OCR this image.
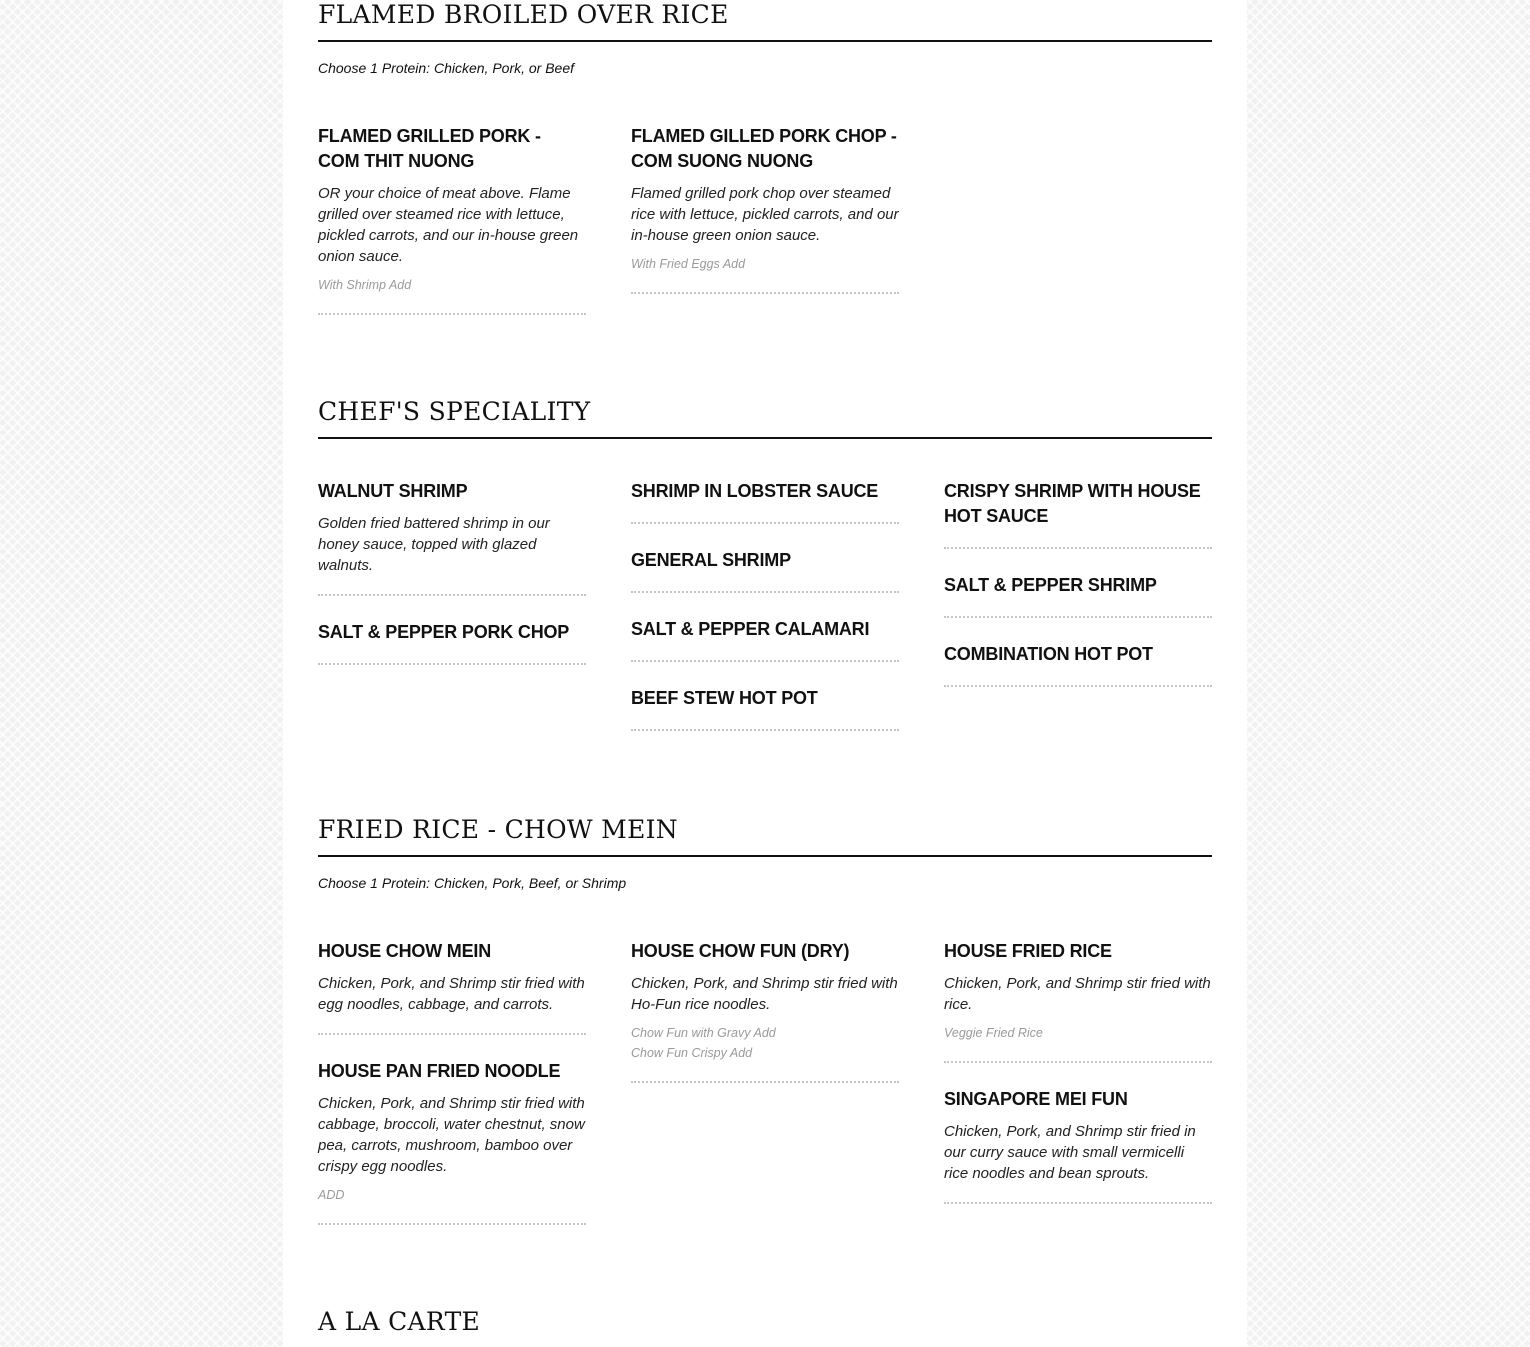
FLAMED BROILED OVER RICE
Choose 1 Protein: Chicken, Pork, or Beef
FLAMED GRILLED PORK - COM THIT NUONG
OR your choice of meat above. Flame grilled over steamed rice with lettuce, pickled carrots, and our in-house green onion sauce.
With Shrimp Add
FLAMED GILLED PORK CHOP - COM SUONG NUONG
Flamed grilled pork chop over steamed rice with lettuce, pickled carrots, and our in-house green onion sauce.
With Fried Eggs Add
CHEF'S SPECIALITY
WALNUT SHRIMP
Golden fried battered shrimp in our honey sauce, topped with glazed walnuts.
SALT & PEPPER PORK CHOP
SHRIMP IN LOBSTER SAUCE
GENERAL SHRIMP
SALT & PEPPER CALAMARI
BEEF STEW HOT POT
CRISPY SHRIMP WITH HOUSE HOT SAUCE
SALT & PEPPER SHRIMP
COMBINATION HOT POT
FRIED RICE - CHOW MEIN
Choose 1 Protein: Chicken, Pork, Beef, or Shrimp
HOUSE CHOW MEIN
Chicken, Pork, and Shrimp stir fried with egg noodles, cabbage, and carrots.
HOUSE PAN FRIED NOODLE
Chicken, Pork, and Shrimp stir fried with cabbage, broccoli, water chestnut, snow pea, carrots, mushroom, bamboo over crispy egg noodles.
ADD
HOUSE CHOW FUN (DRY)
Chicken, Pork, and Shrimp stir fried with Ho-Fun rice noodles.
Chow Fun with Gravy Add
Chow Fun Crispy Add
HOUSE FRIED RICE
Chicken, Pork, and Shrimp stir fried with rice.
Veggie Fried Rice
SINGAPORE MEI FUN
Chicken, Pork, and Shrimp stir fried in our curry sauce with small vermicelli rice noodles and bean sprouts.
A LA CARTE
